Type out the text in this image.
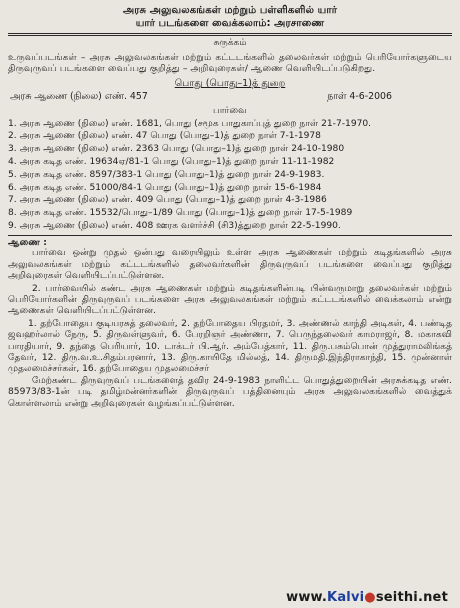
அரசு அலுவலகங்கள் மற்றும் பள்ளிகளில் யார்
யார் படங்களை வைக்கலாம்: அரசாணை
சுருக்கம்
உருவப்படங்கள் – அரசு அலுவலகங்கள் மற்றும் கட்டடங்களில் தலைவர்கள் மற்றும் பெரியோர்களுடைய திருவுருவப் படங்களை வைப்பது குறித்து – அறிவுரைகள்/ ஆணை வெளியிடப்படுகிறது.
பொது (பொது–1)த் துறை
அரசு ஆணை (நிலை) எண். 457	நாள் 4-6-2006
பார்வை
1. அரசு ஆணை (நிலை) எண். 1681, பொது (சமூக பாதுகாப்புத் துறை நாள் 21-7-1970.
2. அரசு ஆணை (நிலை) எண். 47 பொது (பொது–1)த் துறை நாள் 7-1-1978
3. அரசு ஆணை (நிலை) எண். 2363 பொது (பொது–1)த் துறை நாள் 24-10-1980
4. அரசு கடித எண். 19634ஏ/81-1 பொது (பொது–1)த் துறை நாள் 11-11-1982
5. அரசு கடித எண். 8597/383-1 பொது (பொது–1)த் துறை நாள் 24-9-1983.
6. அரசு கடித எண். 51000/84-1 பொது (பொது–1)த் துறை நாள் 15-6-1984
7. அரசு ஆணை (நிலை) எண். 409 பொது (பொது–1)த் துறை நாள் 4-3-1986
8. அரசு கடித எண். 15532/பொது–1/89 பொது (பொது–1)த் துறை நாள் 17-5-1989
9. அரசு ஆணை (நிலை) எண். 408 ஊரக வளர்ச்சி (சி3)த்துறை நாள் 22-5-1990.
ஆணை :

பார்வை ஒன்று முதல் ஒன்பது வரையிலும் உள்ள அரசு ஆணைகள் மற்றும் கடிதங்களில் அரசு அலுவலகங்கள் மற்றும் கட்டடங்களில் தலைவர்களின் திருவுருவப் படங்களை வைப்பது குறித்து அறிவுரைகள் வெளியிடப்பட்டுள்ளன.

2. பார்வையில் கண்ட அரசு ஆணைகள் மற்றும் கடிதங்களின்படி பின்வருமாறு தலைவர்கள் மற்றும் பெரியோர்களின் திருவுருவப் படங்களை அரசு அலுவலகங்கள் மற்றும் கட்டடங்களில் வைக்கலாம் என்று ஆணைகள் வெளியிடப்பட்டுள்ளன.

1. தற்போதைய குடியரசுத் தலைவர், 2. தற்போதைய பிரதமர், 3. அண்ணல் காந்தி அடிகள், 4. பண்டித ஜவஹர்லால் நேரு, 5. திருவள்ளுவர், 6. பேரறிஞர் அண்ணா, 7. பெருந்தலைவர் காமராஜர், 8. மகாகவி பாரதியார், 9. தந்தை பெரியார், 10. டாக்டர் பி.ஆர். அம்பேத்கார், 11. திரு.பசும்பொன் முத்துராமலிங்கத் தேவர், 12. திரு.வ.உ.சிதம்பரனார், 13. திரு.காயிதே மில்லத், 14. திருமதி.இந்திராகாந்தி, 15. முன்னாள் முதலமைச்சர்கள், 16. தற்போதைய முதலமைச்சர்

மேற்கண்ட திருவுருவப் படங்களைத் தவிர 24-9-1983 நாளிட்ட பொதுத்துறையின் அரசுக்கடித எண். 85973/83-1ன் படி தமிழ்மன்னர்களின் திருவுருவப் பத்தினையும் அரசு அலுவலகங்களில் வைத்துக் கொள்ளலாம் என்று அறிவுரைகள் வழங்கப்பட்டுள்ளன.

www.Kalvi●seithi.net
